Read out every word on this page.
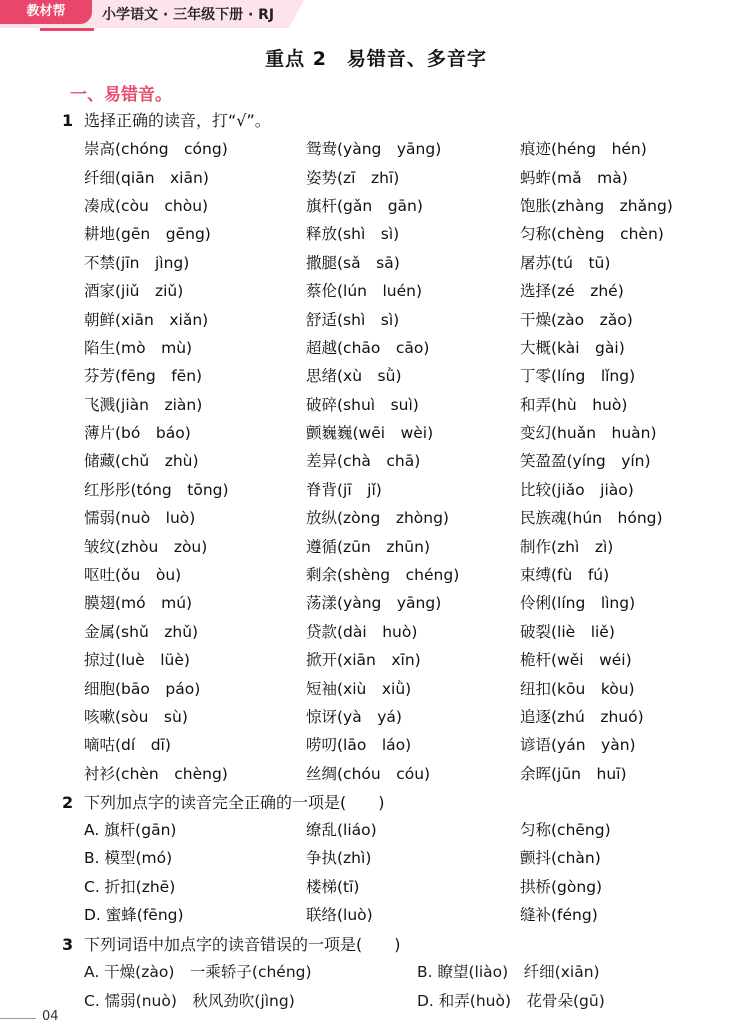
教材帮	小学语文 · 三年级下册 · RJ
重点 2　易错音、多音字
一、易错音。
1 选择正确的读音，打“√”。
崇高(chóng　cóng)	鸳鸯(yàng　yāng)	痕迹(héng　hén)
纤细(qiān　xiān)	姿势(zī　zhī)	蚂蚱(mǎ　mà)
凑成(còu　chòu)	旗杆(gǎn　gān)	饱胀(zhàng　zhǎng)
耕地(gēn　gēng)	释放(shì　sì)	匀称(chèng　chèn)
不禁(jīn　jìng)	撒腿(sǎ　sā)	屠苏(tú　tū)
酒家(jiǔ　ziǔ)	蔡伦(lún　luén)	选择(zé　zhé)
朝鲜(xiān　xiǎn)	舒适(shì　sì)	干燥(zào　zǎo)
陷生(mò　mù)	超越(chāo　cāo)	大概(kài　gài)
芬芳(fēng　fēn)	思绪(xù　sǜ)	丁零(líng　lǐng)
飞溅(jiàn　ziàn)	破碎(shuì　suì)	和弄(hù　huò)
薄片(bó　báo)	颤巍巍(wēi　wèi)	变幻(huǎn　huàn)
储藏(chǔ　zhù)	差异(chà　chā)	笑盈盈(yíng　yín)
红彤彤(tóng　tōng)	脊背(jī　jǐ)	比较(jiǎo　jiào)
懦弱(nuò　luò)	放纵(zòng　zhòng)	民族魂(hún　hóng)
皱纹(zhòu　zòu)	遵循(zūn　zhūn)	制作(zhì　zì)
呕吐(ǒu　òu)	剩余(shèng　chéng)	束缚(fù　fú)
膜翅(mó　mú)	荡漾(yàng　yāng)	伶俐(líng　lìng)
金属(shǔ　zhǔ)	贷款(dài　huò)	破裂(liè　liě)
掠过(luè　lüè)	掀开(xiān　xīn)	桅杆(wěi　wéi)
细胞(bāo　páo)	短袖(xiù　xiǜ)	纽扣(kōu　kòu)
咳嗽(sòu　sù)	惊讶(yà　yá)	追逐(zhú　zhuó)
嘀咕(dí　dī)	唠叨(lāo　láo)	谚语(yán　yàn)
衬衫(chèn　chèng)	丝绸(chóu　cóu)	余晖(jūn　huī)
2 下列加点字的读音完全正确的一项是(　　)
A. 旗杆(gān)	缭乱(liáo)	匀称(chēng)
B. 模型(mó)	争执(zhì)	颤抖(chàn)
C. 折扣(zhē)	楼梯(tī)	拱桥(gòng)
D. 蜜蜂(fēng)	联络(luò)	缝补(féng)
3 下列词语中加点字的读音错误的一项是(　　)
A. 干燥(zào)　一乘轿子(chéng)	B. 瞭望(liào)　纤细(xiān)
C. 懦弱(nuò)　秋风劲吹(jìng)	D. 和弄(huò)　花骨朵(gū)
04
